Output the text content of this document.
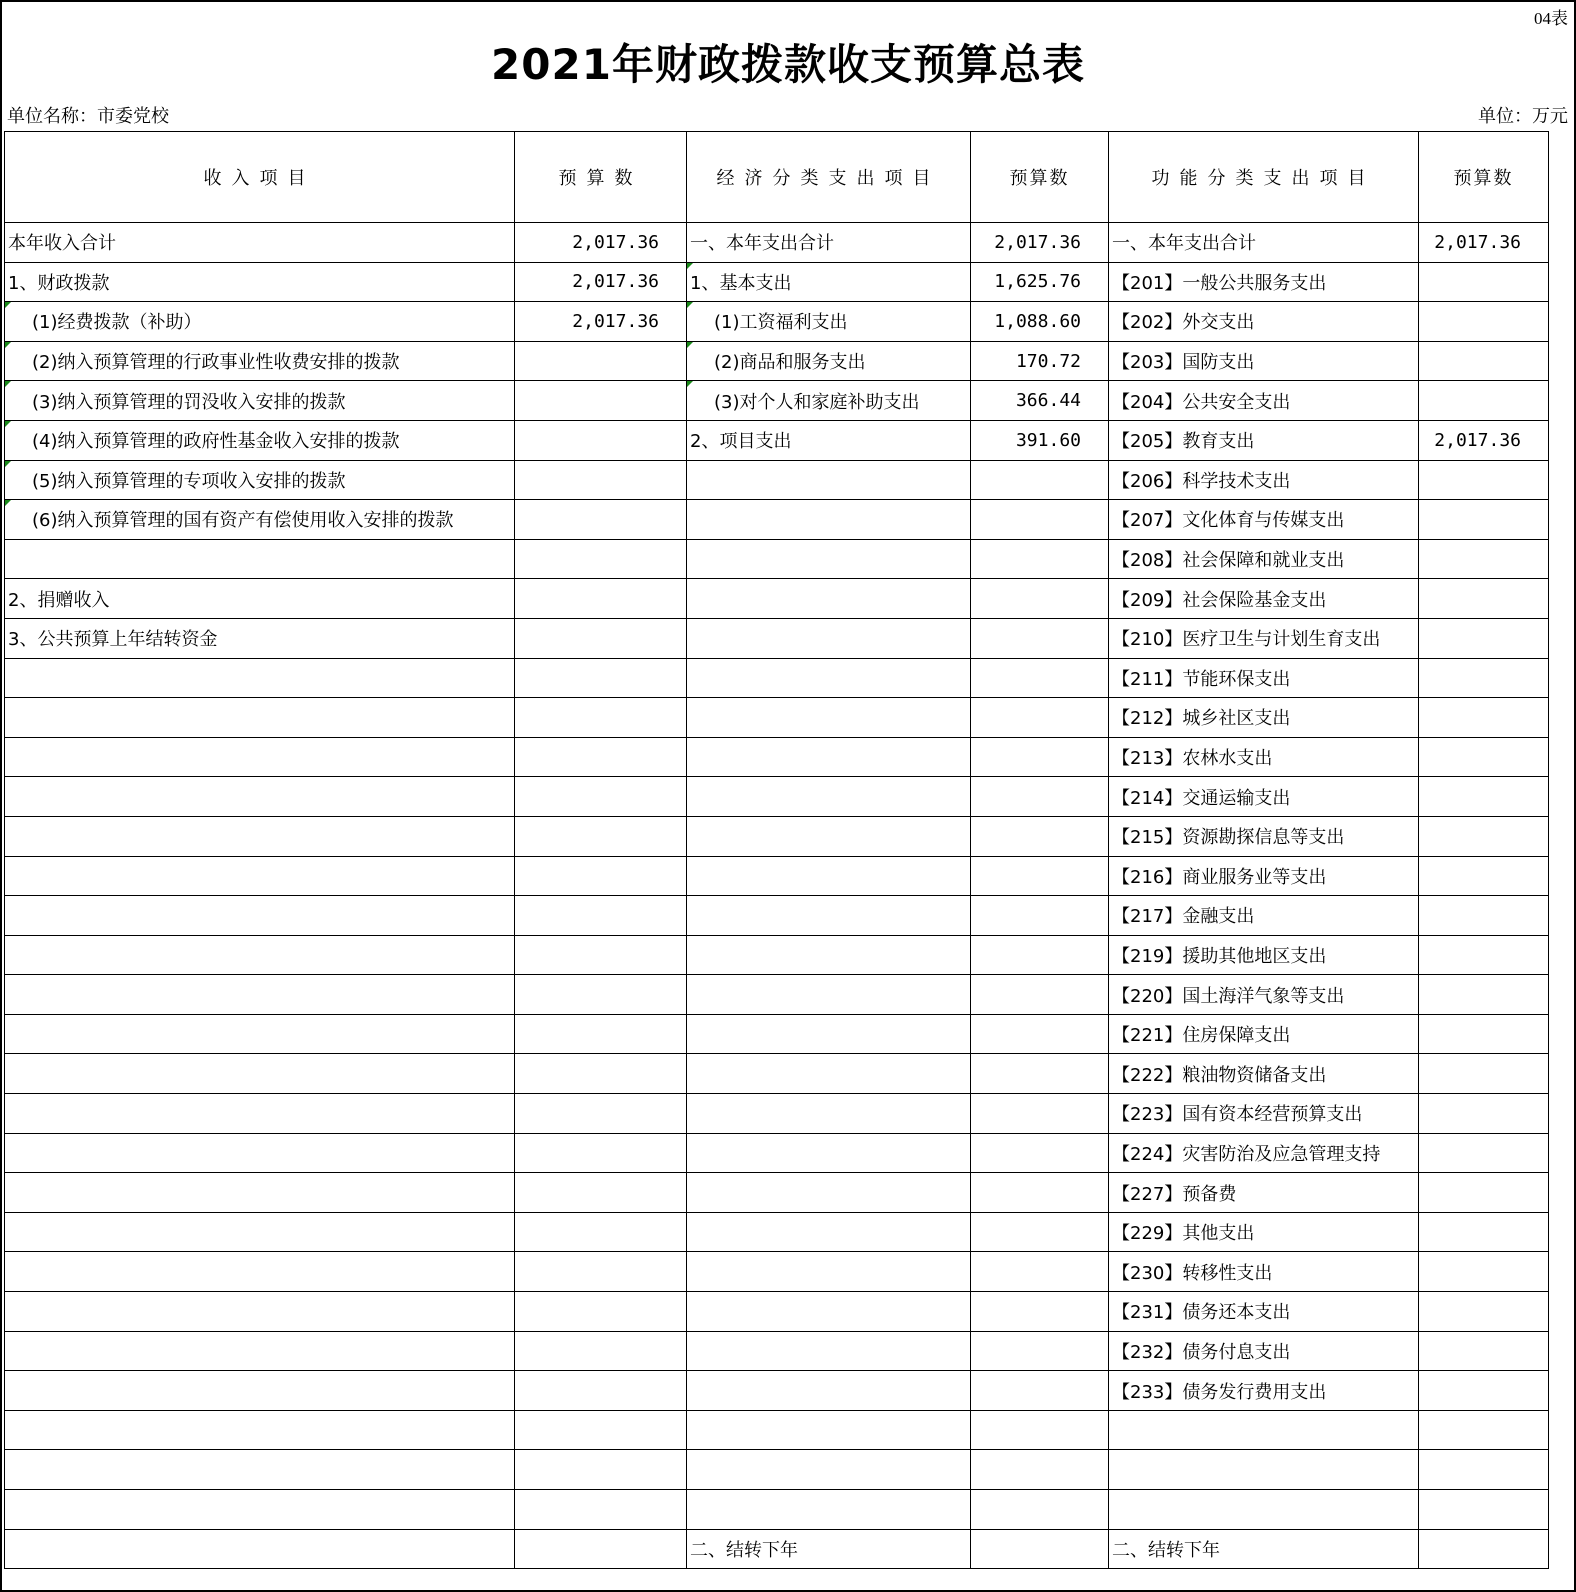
04表
2021年财政拨款收支预算总表
单位名称：市委党校	单位：万元
收入项目	预算数	经济分类支出项目	预算数	功能分类支出项目	预算数
本年收入合计	2,017.36	一、本年支出合计	2,017.36	一、本年支出合计	2,017.36
1、财政拨款	2,017.36	1、基本支出	1,625.76	【201】一般公共服务支出	
(1)经费拨款（补助）	2,017.36	(1)工资福利支出	1,088.60	【202】外交支出	
(2)纳入预算管理的行政事业性收费安排的拨款		(2)商品和服务支出	170.72	【203】国防支出	
(3)纳入预算管理的罚没收入安排的拨款		(3)对个人和家庭补助支出	366.44	【204】公共安全支出	
(4)纳入预算管理的政府性基金收入安排的拨款		2、项目支出	391.60	【205】教育支出	2,017.36
(5)纳入预算管理的专项收入安排的拨款				【206】科学技术支出	
(6)纳入预算管理的国有资产有偿使用收入安排的拨款				【207】文化体育与传媒支出	
				【208】社会保障和就业支出	
2、捐赠收入				【209】社会保险基金支出	
3、公共预算上年结转资金				【210】医疗卫生与计划生育支出	
				【211】节能环保支出	
				【212】城乡社区支出	
				【213】农林水支出	
				【214】交通运输支出	
				【215】资源勘探信息等支出	
				【216】商业服务业等支出	
				【217】金融支出	
				【219】援助其他地区支出	
				【220】国土海洋气象等支出	
				【221】住房保障支出	
				【222】粮油物资储备支出	
				【223】国有资本经营预算支出	
				【224】灾害防治及应急管理支持	
				【227】预备费	
				【229】其他支出	
				【230】转移性支出	
				【231】债务还本支出	
				【232】债务付息支出	
				【233】债务发行费用支出	

		二、结转下年		二、结转下年	
